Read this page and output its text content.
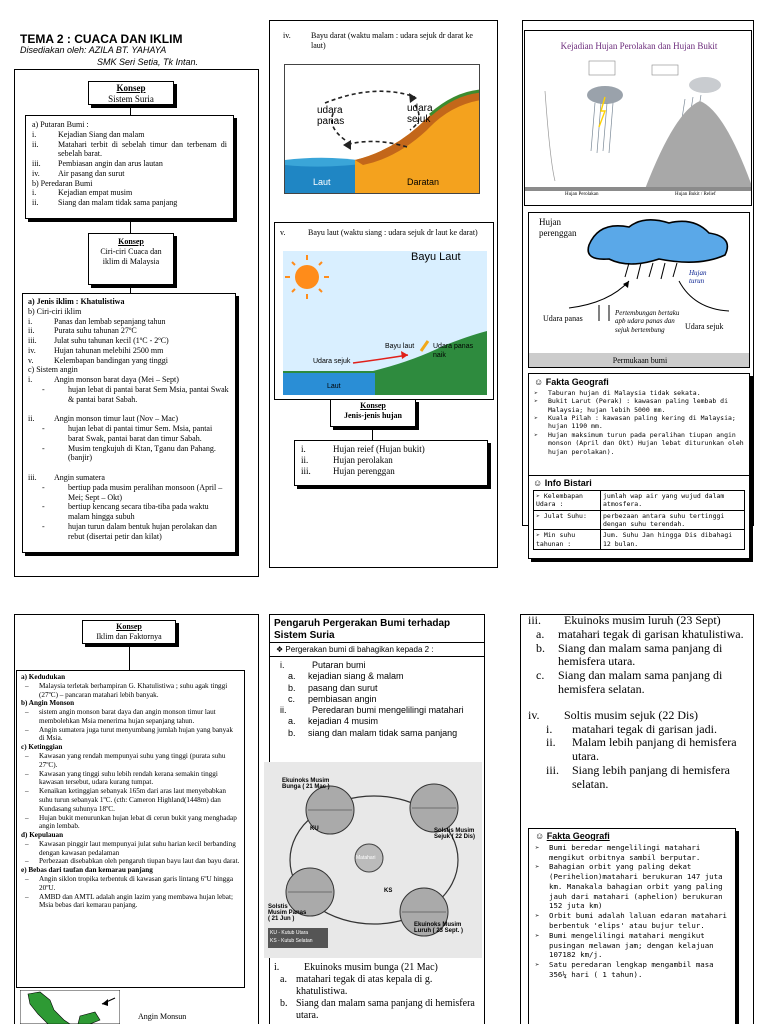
TEMA 2 : CUACA DAN IKLIM
Disediakan oleh: AZILA BT. YAHAYA
SMK Seri Setia, Tk Intan.
Konsep
Sistem Suria
a) Putaran Bumi :
i.	Kejadian Siang dan malam
ii.	Matahari terbit di sebelah timur dan terbenam di sebelah barat.
iii.	Pembiasan angin dan arus lautan
iv.	Air pasang dan surut
b) Peredaran Bumi
i.	Kejadian empat musim
ii.	Siang dan malam tidak sama panjang
Konsep
Ciri-ciri Cuaca dan iklim di Malaysia
a) Jenis iklim : Khatulistiwa
b) Ciri-ciri iklim
i.	Panas dan lembab sepanjang tahun
ii.	Purata suhu tahunan 27ºC
iii.	Julat suhu tahunan kecil (1ºC - 2ºC)
iv.	Hujan tahunan melebihi 2500 mm
v.	Kelembapan bandingan yang tinggi
c) Sistem angin
i.	Angin monson barat daya (Mei – Sept)
-	hujan lebat di pantai barat Sem Msia, pantai Swak & pantai barat Sabah.
ii.	Angin monson timur laut (Nov – Mac)
-	hujan lebat di pantai timur Sem. Msia, pantai barat Swak, pantai barat dan timur Sabah.
-	Musim tengkujuh di Ktan, Tganu dan Pahang. (banjir)
iii.	Angin sumatera
-	bertiup pada musim peralihan monsoon (April – Mei; Sept – Okt)
-	bertiup kencang secara tiba-tiba pada waktu malam hingga subuh
-	hujan turun dalam bentuk hujan perolakan dan rebut (disertai petir dan kilat)
iv.	Bayu darat (waktu malam : udara sejuk dr darat ke laut)
udara panas
udara sejuk
Laut	Daratan
v.	Bayu laut (waktu siang : udara sejuk dr laut ke darat)
Bayu Laut
Bayu laut	Udara panas naik
Udara sejuk
Laut
Konsep
Jenis-jenis hujan
i.	Hujan reief (Hujan bukit)
ii.	Hujan perolakan
iii.	Hujan perenggan
Kejadian Hujan Perolakan dan Hujan Bukit
Hujan Perolakan	Hujan Bukit / Relief
Hujan perenggan
Hujan turun
Udara panas
Udara sejuk
Pertembungan bertaku apb udara panas dan sejuk bertembung
Permukaan bumi
☺ Fakta Geografi
➢	Taburan hujan di Malaysia tidak sekata.
➢	Bukit Larut (Perak) : kawasan paling lembab di Malaysia; hujan lebih 5000 mm.
➢	Kuala Pilah : kawasan paling kering di Malaysia; hujan 1190 mm.
➢	Hujan maksimum turun pada peralihan tiupan angin monson (April dan Okt) Hujan lebat diturunkan oleh hujan perolakan).
☺ Info Bistari
➢ Kelembapan Udara :	jumlah wap air yang wujud dalam atmosfera.
➢ Julat Suhu:	perbezaan antara suhu tertinggi dengan suhu terendah.
➢ Min suhu tahunan :	Jum. Suhu Jan hingga Dis dibahagi 12 bulan.
Konsep
Iklim dan Faktornya
a) Kedudukan
–	Malaysia terletak berhampiran G. Khatulistiwa ; suhu agak tinggi (27ºC) – pancaran matahari lebih banyak.
b) Angin Monson
–	sistem angin monson barat daya dan angin monson timur laut membolehkan Msia menerima hujan sepanjang tahun.
–	Angin sumatera juga turut menyumbang jumlah hujan yang banyak di Msia.
c) Ketinggian
–	Kawasan yang rendah mempunyai suhu yang tinggi (purata suhu 27ºC).
–	Kawasan yang tinggi suhu lebih rendah kerana semakin tinggi kawasan tersebut, udara kurang tumpat.
–	Kenaikan ketinggian sebanyak 165m dari aras laut menyebabkan suhu turun sebanyak 1ºC. (cth: Cameron Highland(1448m) dan Kundasang suhunya 18ºC.
–	Hujan bukit menurunkan hujan lebat di cerun bukit yang menghadap angin lembab.
d) Kepulauan
–	Kawasan pinggir laut mempunyai julat suhu harian kecil berbanding dengan kawasan pedalaman
–	Perbezaan disebabkan oleh pengaruh tiupan bayu laut dan bayu darat.
e) Bebas dari taufan dan kemarau panjang
–	Angin siklon tropika terbentuk di kawasan garis lintang 6ºU hingga 20ºU.
–	AMBD dan AMTL adalah angin lazim yang membawa hujan lebat; Msia bebas dari kemarau panjang.
Angin Monsun
Pengaruh Pergerakan Bumi terhadap Sistem Suria
❖ Pergerakan bumi di bahagikan kepada 2 :
i.	Putaran bumi
a.	kejadian siang & malam
b.	pasang dan surut
c.	pembiasan angin
ii.	Peredaran bumi mengelilingi matahari
a.	kejadian 4 musim
b.	siang dan malam tidak sama panjang
Ekuinoks Musim Bunga ( 21 Mac )
Solstis Musim Sejuk ( 22 Dis)
Solstis Musim Panas ( 21 Jun )
Ekuinoks Musim Luruh ( 23 Sept. )
Matahari
KU - Kutub Utara
KS - Kutub Selatan
KU
KS
i.	Ekuinoks musim bunga (21 Mac)
a. matahari tegak di atas kepala di g. khatulistiwa.
b. Siang dan malam sama panjang di hemisfera utara.
iii.	Ekuinoks musim luruh (23 Sept)
a.	matahari tegak di garisan khatulistiwa.
b.	Siang dan malam sama panjang di hemisfera utara.
c.	Siang dan malam sama panjang di hemisfera selatan.
iv.	Soltis musim sejuk (22 Dis)
i.	matahari tegak di garisan jadi.
ii.	Malam lebih panjang di hemisfera utara.
iii.	Siang lebih panjang di hemisfera selatan.
☺ Fakta Geografi
➢	Bumi beredar mengelilingi matahari mengikut orbitnya sambil berputar.
➢	Bahagian orbit yang paling dekat (Perihelion)matahari berukuran 147 juta km. Manakala bahagian orbit yang paling jauh dari matahari (aphelion) berukuran 152 juta km)
➢	Orbit bumi adalah laluan edaran matahari berbentuk 'elips' atau bujur telur.
➢	Bumi mengelilingi matahari mengikut pusingan melawan jam; dengan kelajuan 107182 km/j.
➢	Satu peredaran lengkap mengambil masa 356¼ hari ( 1 tahun).
